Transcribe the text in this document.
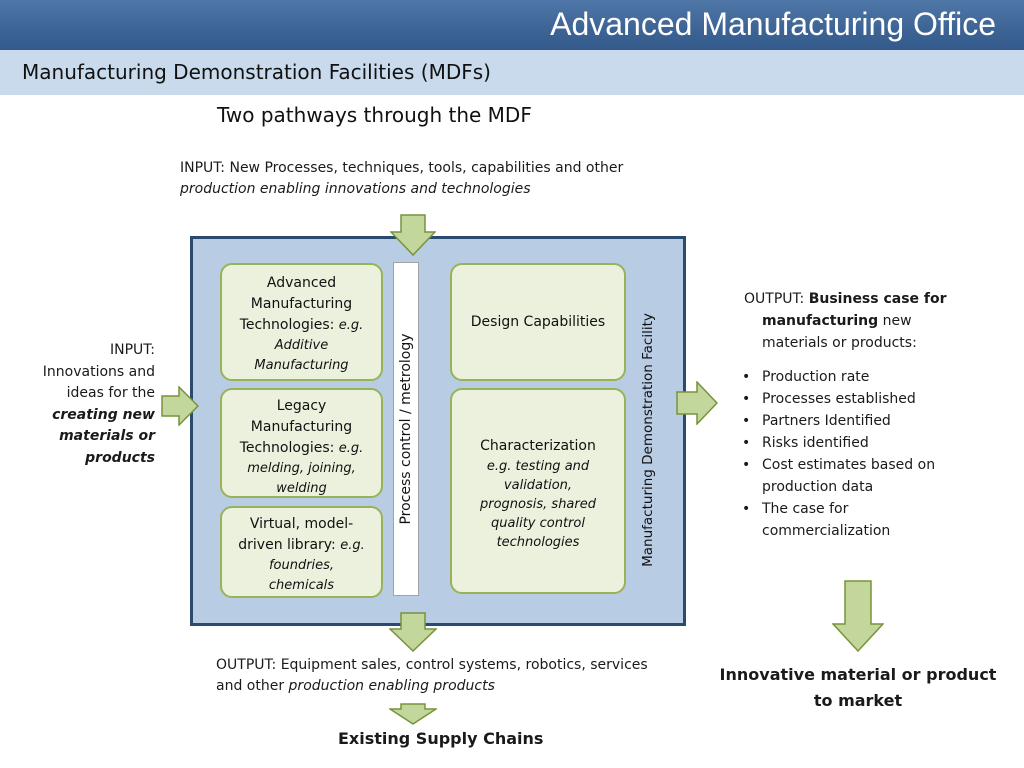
Advanced Manufacturing Office
Manufacturing Demonstration Facilities (MDFs)
Two pathways through the MDF
INPUT: New Processes, techniques, tools, capabilities and other
production enabling innovations and technologies
Advanced
Manufacturing
Technologies: e.g.
Additive
Manufacturing
Legacy
Manufacturing
Technologies: e.g.
melding, joining,
welding
Virtual, model-
driven library: e.g.
foundries,
chemicals
Process control / metrology
Design Capabilities
Characterization
e.g. testing and
validation,
prognosis, shared
quality control
technologies	Manufacturing Demonstration Facility
INPUT:
Innovations and
ideas for the
creating new
materials or
products
OUTPUT: Business case for
manufacturing new
materials or products:
• Production rate
• Processes established
• Partners Identified
• Risks identified
• Cost estimates based on
production data
• The case for
commercialization
OUTPUT: Equipment sales, control systems, robotics, services
and other production enabling products
Existing Supply Chains
Innovative material or product
to market
